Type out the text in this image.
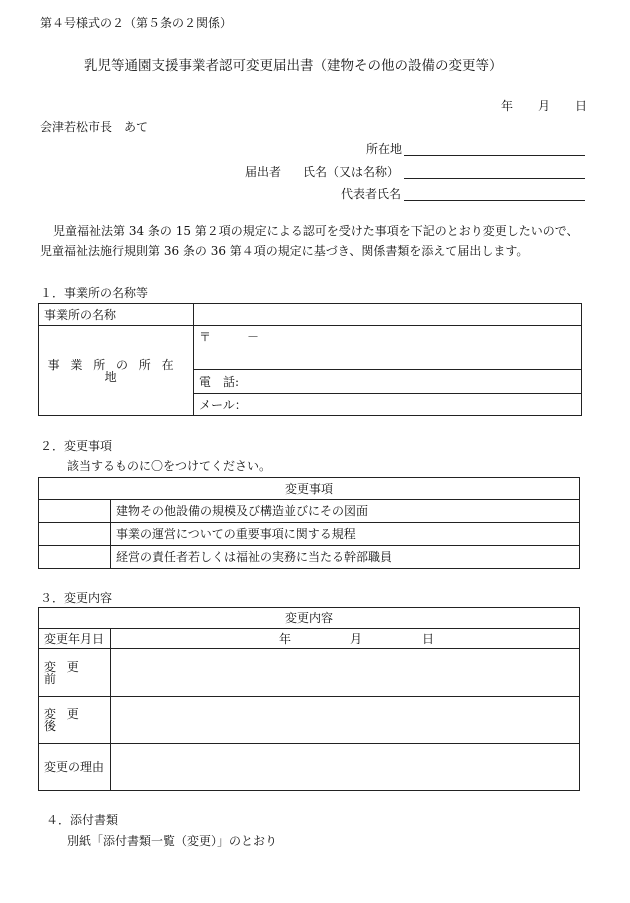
第４号様式の２（第５条の２関係）
乳児等通園支援事業者認可変更届出書（建物その他の設備の変更等）
年 月 日
会津若松市長　あて
所在地
届出者 氏名（又は名称）
代表者氏名
児童福祉法第 34 条の 15 第２項の規定による認可を受けた事項を下記のとおり変更したいので、
児童福祉法施行規則第 36 条の 36 第４項の規定に基づき、関係書類を添えて届出します。
１．事業所の名称等
事業所の名称	
事業所の所在地	〒　　　－
	電　話:
	メール：
２．変更事項
該当するものに〇をつけてください。
変更事項	
	建物その他設備の規模及び構造並びにその図面
	事業の運営についての重要事項に関する規程
	経営の責任者若しくは福祉の実務に当たる幹部職員
３．変更内容
変更内容	
変更年月日	年 月 日
変更前	
変更後	
変更の理由	
４．添付書類
別紙「添付書類一覧（変更）」のとおり
